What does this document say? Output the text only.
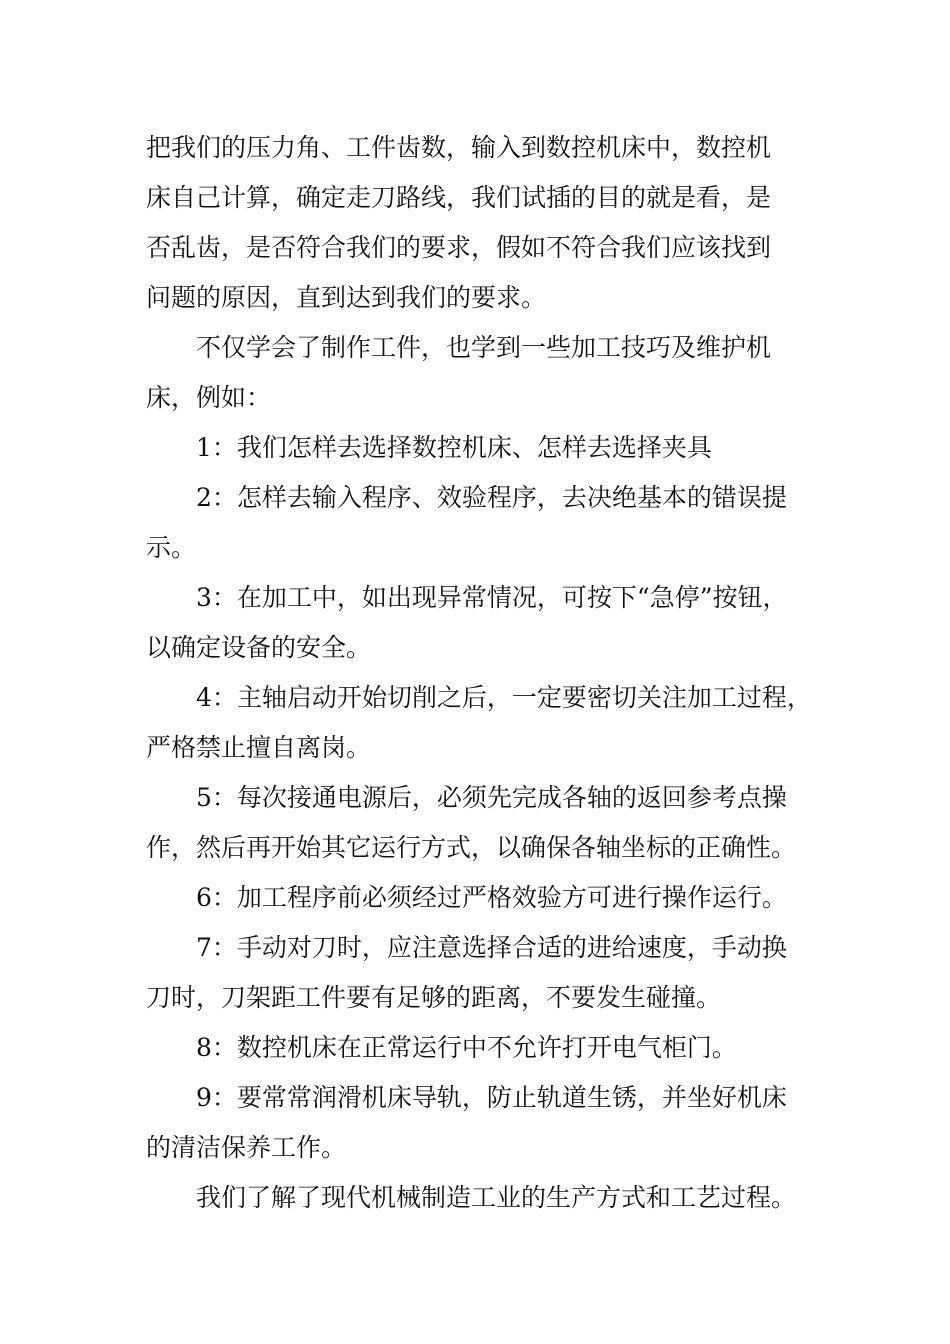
把我们的压力角、工件齿数，输入到数控机床中，数控机
床自己计算，确定走刀路线，我们试插的目的就是看，是
否乱齿，是否符合我们的要求，假如不符合我们应该找到
问题的原因，直到达到我们的要求。
不仅学会了制作工件，也学到一些加工技巧及维护机
床，例如：
1：我们怎样去选择数控机床、怎样去选择夹具
2：怎样去输入程序、效验程序，去决绝基本的错误提
示。
3：在加工中，如出现异常情况，可按下“急停”按钮，
以确定设备的安全。
4：主轴启动开始切削之后，一定要密切关注加工过程，
严格禁止擅自离岗。
5：每次接通电源后，必须先完成各轴的返回参考点操
作，然后再开始其它运行方式，以确保各轴坐标的正确性。
6：加工程序前必须经过严格效验方可进行操作运行。
7：手动对刀时，应注意选择合适的进给速度，手动换
刀时，刀架距工件要有足够的距离，不要发生碰撞。
8：数控机床在正常运行中不允许打开电气柜门。
9：要常常润滑机床导轨，防止轨道生锈，并坐好机床
的清洁保养工作。
我们了解了现代机械制造工业的生产方式和工艺过程。
